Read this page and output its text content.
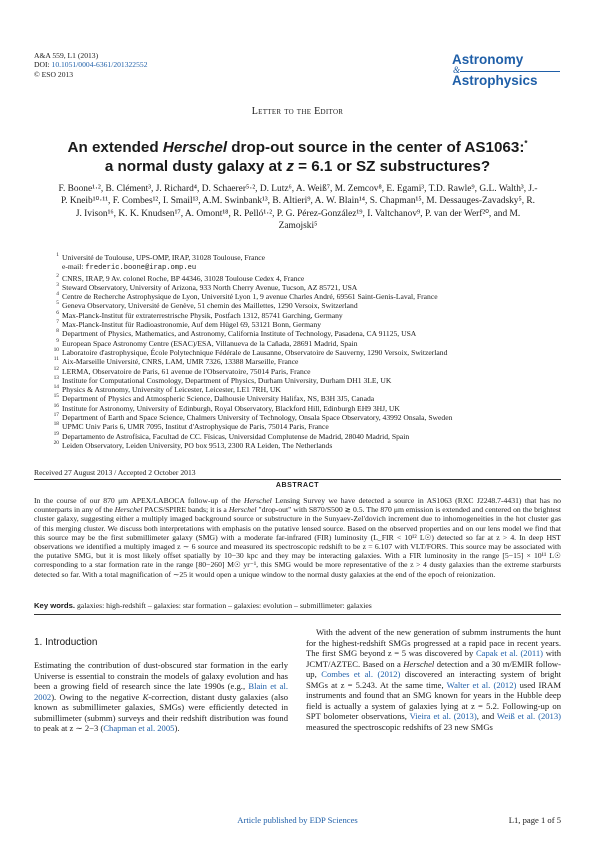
A&A 559, L1 (2013)
DOI: 10.1051/0004-6361/201322552
© ESO 2013
Astronomy
&
Astrophysics
Letter to the Editor
An extended Herschel drop-out source in the center of AS1063:*
a normal dusty galaxy at z = 6.1 or SZ substructures?
F. Boone¹·², B. Clément³, J. Richard⁴, D. Schaerer⁵·², D. Lutz⁶, A. Weiß⁷, M. Zemcov⁸, E. Egami³, T.D. Rawle⁹, G.L. Walth³, J.-P. Kneib¹⁰·¹¹, F. Combes¹², I. Smail¹³, A.M. Swinbank¹³, B. Altieri⁹, A. W. Blain¹⁴, S. Chapman¹⁵, M. Dessauges-Zavadsky⁵, R. J. Ivison¹⁶, K. K. Knudsen¹⁷, A. Omont¹⁸, R. Pelló¹·², P. G. Pérez-González¹⁹, I. Valtchanov⁹, P. van der Werf²⁰, and M. Zamojski⁵
1 Université de Toulouse, UPS-OMP, IRAP, 31028 Toulouse, France
e-mail: frederic.boone@irap.omp.eu
2 CNRS, IRAP, 9 Av. colonel Roche, BP 44346, 31028 Toulouse Cedex 4, France
3 Steward Observatory, University of Arizona, 933 North Cherry Avenue, Tucson, AZ 85721, USA
4 Centre de Recherche Astrophysique de Lyon, Université Lyon 1, 9 avenue Charles André, 69561 Saint-Genis-Laval, France
5 Geneva Observatory, Université de Genève, 51 chemin des Maillettes, 1290 Versoix, Switzerland
6 Max-Planck-Institut für extraterrestrische Physik, Postfach 1312, 85741 Garching, Germany
7 Max-Planck-Institut für Radioastronomie, Auf dem Hügel 69, 53121 Bonn, Germany
8 Department of Physics, Mathematics, and Astronomy, California Institute of Technology, Pasadena, CA 91125, USA
9 European Space Astronomy Centre (ESAC)/ESA, Villanueva de la Cañada, 28691 Madrid, Spain
10 Laboratoire d'astrophysique, École Polytechnique Fédérale de Lausanne, Observatoire de Sauverny, 1290 Versoix, Switzerland
11 Aix-Marseille Université, CNRS, LAM, UMR 7326, 13388 Marseille, France
12 LERMA, Observatoire de Paris, 61 avenue de l'Observatoire, 75014 Paris, France
13 Institute for Computational Cosmology, Department of Physics, Durham University, Durham DH1 3LE, UK
14 Physics & Astronomy, University of Leicester, Leicester, LE1 7RH, UK
15 Department of Physics and Atmospheric Science, Dalhousie University Halifax, NS, B3H 3J5, Canada
16 Institute for Astronomy, University of Edinburgh, Royal Observatory, Blackford Hill, Edinburgh EH9 3HJ, UK
17 Department of Earth and Space Science, Chalmers University of Technology, Onsala Space Observatory, 43992 Onsala, Sweden
18 UPMC Univ Paris 6, UMR 7095, Institut d'Astrophysique de Paris, 75014 Paris, France
19 Departamento de Astrofísica, Facultad de CC. Físicas, Universidad Complutense de Madrid, 28040 Madrid, Spain
20 Leiden Observatory, Leiden University, PO box 9513, 2300 RA Leiden, The Netherlands
Received 27 August 2013 / Accepted 2 October 2013
ABSTRACT

In the course of our 870 μm APEX/LABOCA follow-up of the Herschel Lensing Survey we have detected a source in AS1063 (RXC J2248.7-4431) that has no counterparts in any of the Herschel PACS/SPIRE bands; it is a Herschel "drop-out" with S870/S500 ≳ 0.5. The 870 μm emission is extended and centered on the brightest cluster galaxy, suggesting either a multiply imaged background source or substructure in the Sunyaev-Zel'dovich increment due to inhomogeneities in the hot cluster gas of this merging cluster. We discuss both interpretations with emphasis on the putative lensed source. Based on the observed properties and on our lens model we find that this source may be the first submillimeter galaxy (SMG) with a moderate far-infrared (FIR) luminosity (L_FIR < 10¹² L☉) detected so far at z > 4. In deep HST observations we identified a multiply imaged z ∼ 6 source and measured its spectroscopic redshift to be z = 6.107 with VLT/FORS. This source may be associated with the putative SMG, but it is most likely offset spatially by 10−30 kpc and they may be interacting galaxies. With a FIR luminosity in the range [5−15] × 10¹¹ L☉ corresponding to a star formation rate in the range [80−260] M☉ yr⁻¹, this SMG would be more representative of the z > 4 dusty galaxies than the extreme starbursts detected so far. With a total magnification of ∼25 it would open a unique window to the normal dusty galaxies at the end of the epoch of reionization.

Key words. galaxies: high-redshift – galaxies: star formation – galaxies: evolution – submillimeter: galaxies
1. Introduction

Estimating the contribution of dust-obscured star formation in the early Universe is essential to constrain the models of galaxy evolution and has been a growing field of research since the late 1990s (e.g., Blain et al. 2002). Owing to the negative K-correction, distant dusty galaxies (also known as submillimeter galaxies, SMGs) were efficiently detected in submillimeter (submm) surveys and their redshift distribution was found to peak at z ∼ 2−3 (Chapman et al. 2005).

With the advent of the new generation of submm instruments the hunt for the highest-redshift SMGs progressed at a rapid pace in recent years. The first SMG beyond z = 5 was discovered by Capak et al. (2011) with JCMT/AZTEC. Based on a Herschel detection and a 30 m/EMIR follow-up, Combes et al. (2012) discovered an interacting system of bright SMGs at z = 5.243. At the same time, Walter et al. (2012) used IRAM instruments and found that an SMG known for years in the Hubble deep field is actually a system of galaxies lying at z = 5.2. Following-up on SPT bolometer observations, Vieira et al. (2013), and Weiß et al. (2013) measured the spectroscopic redshifts of 23 new SMGs

Article published by EDP Sciences	L1, page 1 of 5
